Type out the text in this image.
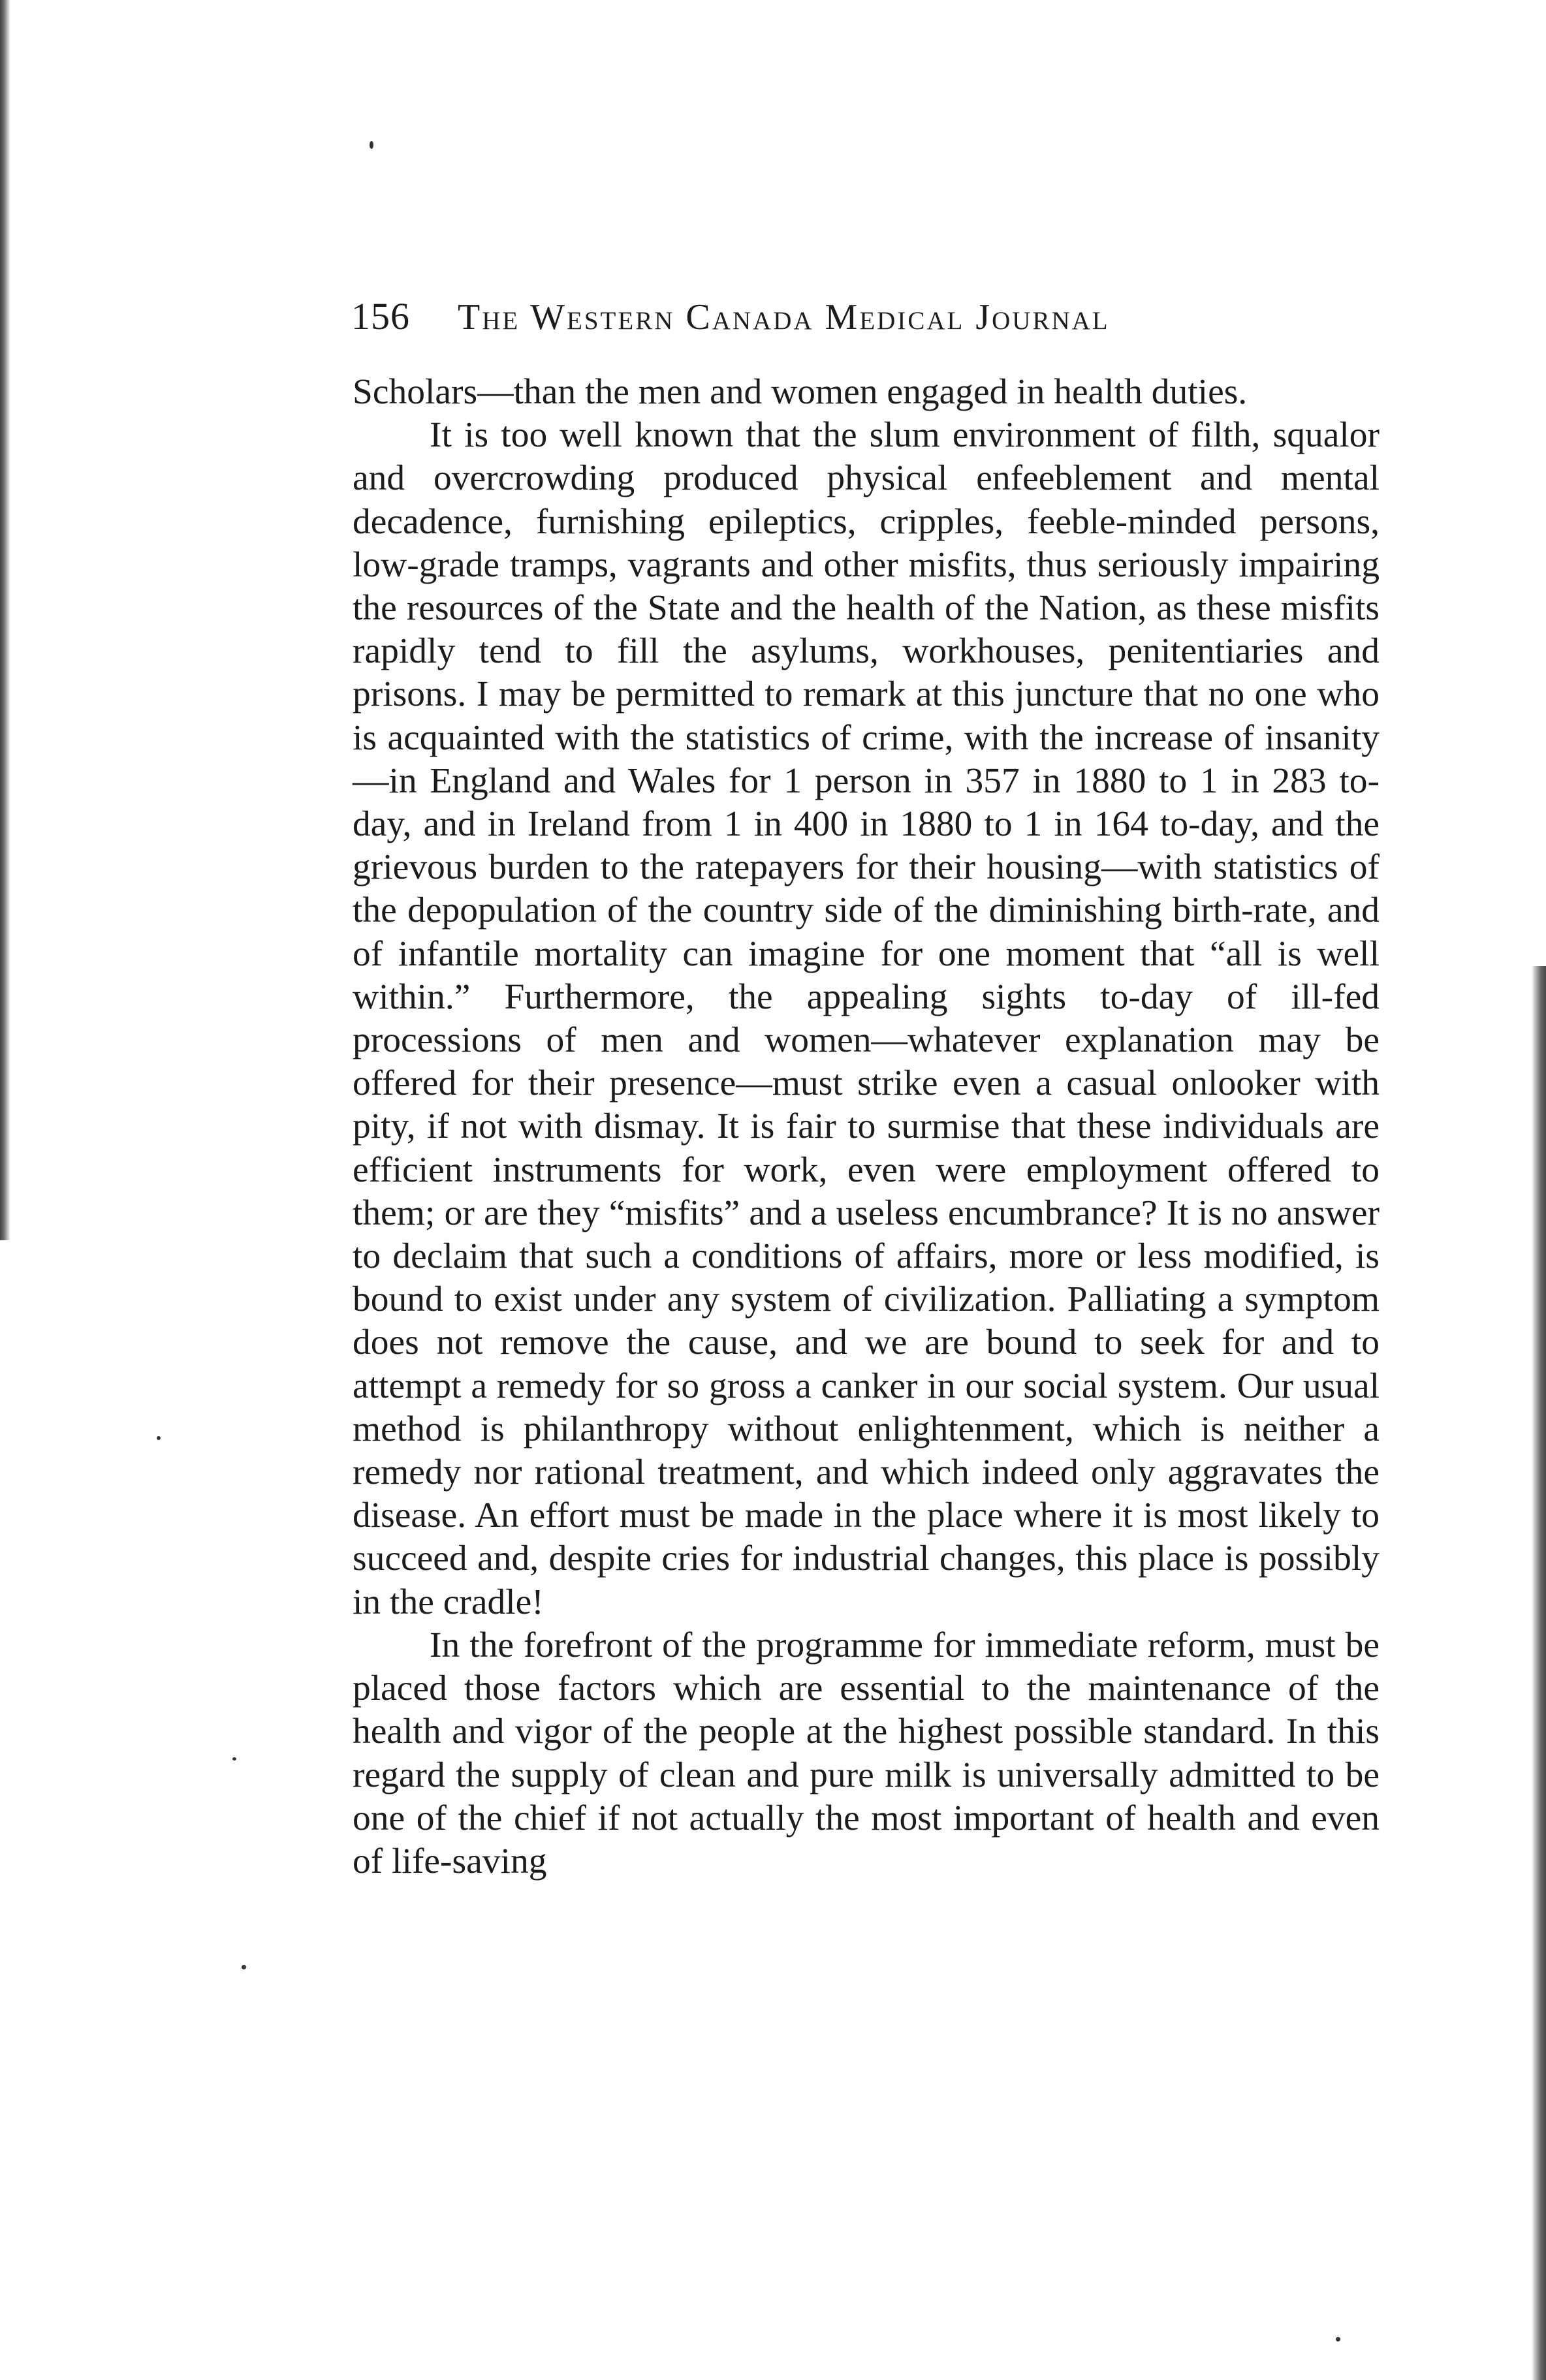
156 The Western Canada Medical Journal

Scholars—than the men and women engaged in health duties.

It is too well known that the slum environment of filth, squalor and overcrowding produced physical enfeeblement and mental decadence, furnishing epileptics, cripples, feeble-minded persons, low-grade tramps, vagrants and other misfits, thus seriously impairing the resources of the State and the health of the Nation, as these misfits rapidly tend to fill the asylums, workhouses, penitentiaries and prisons. I may be permitted to remark at this juncture that no one who is acquainted with the statistics of crime, with the increase of insanity—in England and Wales for 1 person in 357 in 1880 to 1 in 283 to-day, and in Ireland from 1 in 400 in 1880 to 1 in 164 to-day, and the grievous burden to the ratepayers for their housing—with statistics of the depopulation of the country side of the diminishing birth-rate, and of infantile mortality can imagine for one moment that “all is well within.” Furthermore, the appealing sights to-day of ill-fed processions of men and women—whatever explanation may be offered for their presence—must strike even a casual onlooker with pity, if not with dismay. It is fair to surmise that these individuals are efficient instruments for work, even were employment offered to them; or are they “misfits” and a useless encumbrance? It is no answer to declaim that such a conditions of affairs, more or less modified, is bound to exist under any system of civilization. Palliating a symptom does not remove the cause, and we are bound to seek for and to attempt a remedy for so gross a canker in our social system. Our usual method is philanthropy without enlightenment, which is neither a remedy nor rational treatment, and which indeed only aggravates the disease. An effort must be made in the place where it is most likely to succeed and, despite cries for industrial changes, this place is possibly in the cradle!

In the forefront of the programme for immediate reform, must be placed those factors which are essential to the maintenance of the health and vigor of the people at the highest possible standard. In this regard the supply of clean and pure milk is universally admitted to be one of the chief if not actually the most important of health and even of life-saving
